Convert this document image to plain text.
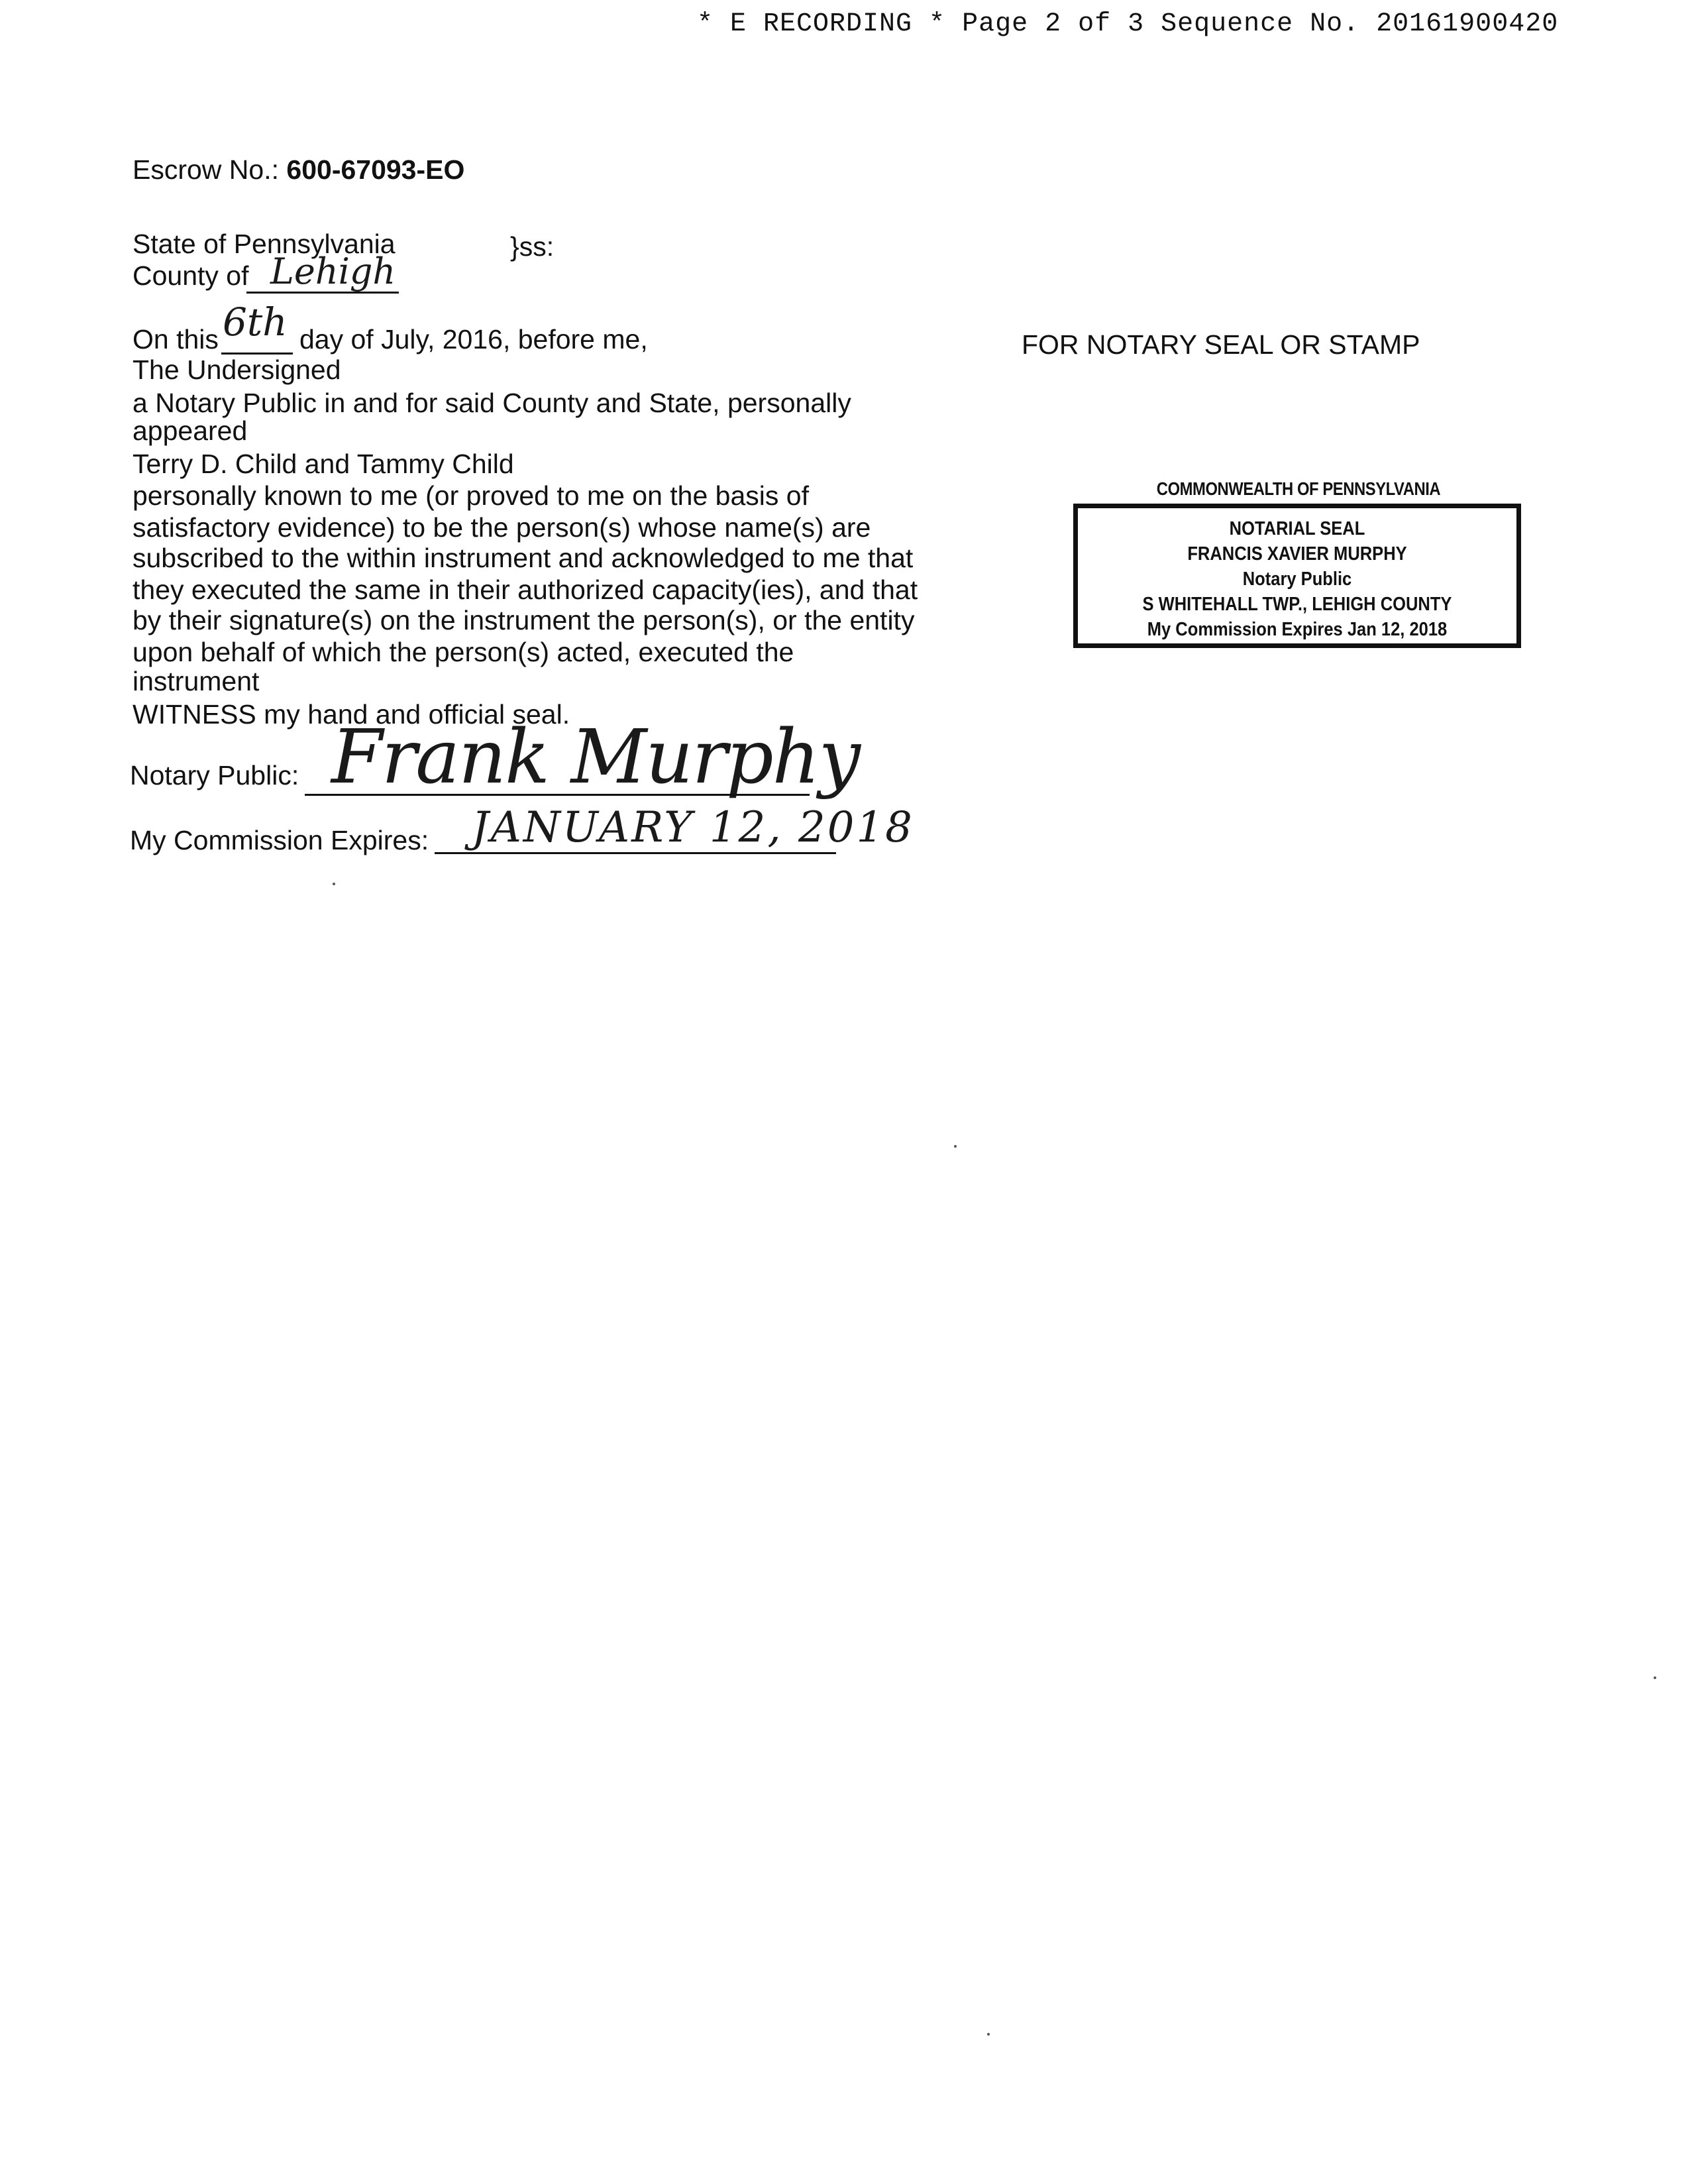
* E RECORDING * Page 2 of 3 Sequence No. 20161900420
Escrow No.: 600-67093-EO
State of Pennsylvania	}ss:
County of Lehigh
On this 6th day of July, 2016, before me,
The Undersigned
a Notary Public in and for said County and State, personally
appeared
Terry D. Child and Tammy Child
personally known to me (or proved to me on the basis of
satisfactory evidence) to be the person(s) whose name(s) are
subscribed to the within instrument and acknowledged to me that
they executed the same in their authorized capacity(ies), and that
by their signature(s) on the instrument the person(s), or the entity
upon behalf of which the person(s) acted, executed the
instrument
WITNESS my hand and official seal.
Notary Public: Frank Murphy
My Commission Expires: JANUARY 12, 2018
FOR NOTARY SEAL OR STAMP
COMMONWEALTH OF PENNSYLVANIA
NOTARIAL SEAL
FRANCIS XAVIER MURPHY
Notary Public
S WHITEHALL TWP., LEHIGH COUNTY
My Commission Expires Jan 12, 2018
